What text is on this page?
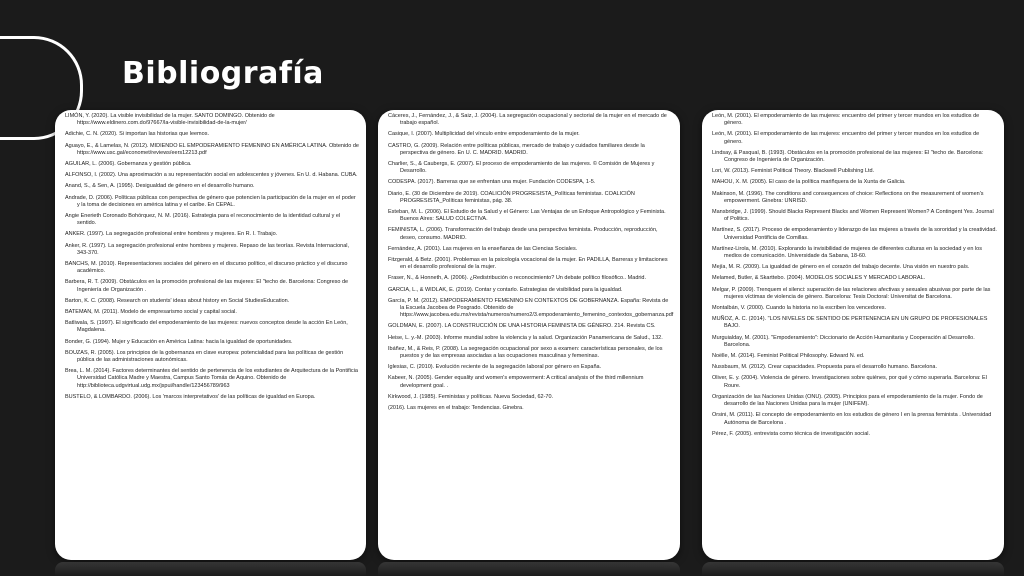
Bibliografía
LIMÓN, Y. (2020). La visible invisibilidad de la mujer. SANTO DOMINGO. Obtenido de https://www.eldinero.com.do/97667/la-visible-invisibilidad-de-la-mujer/
Adichie, C. N. (2020). Si importan las historias que leemos.
Aguayo, E., & Lamelas, N. (2012). MIDIENDO EL EMPODERAMIENTO FEMENINO EN AMÉRICA LATINA. Obtenido de https://www.usc.gal/economet/reviews/eers12213.pdf
AGUILAR, L. (2006). Gobernanza y gestión pública.
ALFONSO, I. (2002). Una aproximación a su representación social en adolescentes y jóvenes. En U. d. Habana. CUBA.
Anand, S., & Sen, A. (1995). Desigualdad de género en el desarrollo humano.
Andrade, D. (2006). Políticas públicas con perspectiva de género que potencien la participación de la mujer en el poder y la toma de decisiones en américa latina y el caribe. En CEPAL.
Angie Enerieth Coronado Bohórquez, N. M. (2016). Estrategia para el reconocimiento de la identidad cultural y el sentido.
ANKER. (1997). La segregación profesional entre hombres y mujeres. En R. I. Trabajo.
Anker, R. (1997). La segregación profesional entre hombres y mujeres. Repaso de las teorías. Revista Internacional, 343-370.
BANCHS, M. (2010). Representaciones sociales del género en el discurso político, el discurso práctico y el discurso académico.
Barbera, R. T. (2009). Obstáculos en la promoción profesional de las mujeres: El "techo de. Barcelona: Congreso de Ingeniería de Organización .
Barton, K. C. (2008). Research on students' ideas about history en Social StudiesEducation.
BATEMAN, M. (2011). Modelo de empresarismo social y capital social.
Batliwala, S. (1997). El significado del empoderamiento de las mujeres: nuevos conceptos desde la acción En León, Magdalena.
Bonder, G. (1994). Mujer y Educación en América Latina: hacia la igualdad de oportunidades.
BOUZAS, R. (2005). Los principios de la gobernanza en clave europea: potencialidad para las políticas de gestión pública de las administraciones autonómicas.
Brea, L. M. (2014). Factores determinantes del sentido de pertenencia de los estudiantes de Arquitectura de la Pontificia Universidad Católica Madre y Maestra, Campus Santo Tomás de Aquino. Obtenido de http://biblioteca.udgvirtual.udg.mx/jspui/handle/123456789/963
BUSTELO, & LOMBARDO. (2006). Los 'marcos interpretativos' de las políticas de igualdad en Europa.
Cáceres, J., Fernández, J., & Saiz, J. (2004). La segregación ocupacional y sectorial de la mujer en el mercado de trabajo español.
Casique, I. (2007). Multiplicidad del vínculo entre empoderamiento de la mujer.
CASTRO, G. (2009). Relación entre políticas públicas, mercado de trabajo y cuidados familiares desde la perspectiva de género. En U. C. MADRID. MADRID.
Charlier, S., & Caubergs, E. (2007). El proceso de empoderamiento de las mujeres. © Comisión de Mujeres y Desarrollo.
CODESPA. (2017). Barreras que se enfrentan una mujer. Fundación CODESPA, 1-5.
Diario, E. (30 de Diciembre de 2019). COALICIÓN PROGRESISTA_Políticas feministas. COALICIÓN PROGRESISTA_Políticas feministas, pág. 38.
Esteban, M. L. (2006). El Estudio de la Salud y el Género: Las Ventajas de un Enfoque Antropológico y Feminista. Buenos Aires: SALUD COLECTIVA.
FEMINISTA, L. (2006). Transformación del trabajo desde una perspectiva feminista. Producción, reproducción, deseo, consumo. MADRID.
Fernández, A. (2001). Las mujeres en la enseñanza de las Ciencias Sociales.
Fitzgerald, & Betz. (2001). Problemas en la psicología vocacional de la mujer. En PADILLA, Barreras y limitaciones en el desarrollo profesional de la mujer.
Fraser, N., & Honneth, A. (2006). ¿Redistribución o reconocimiento? Un debate político filosófico.. Madrid.
GARCIA, L., & WIDLAK, E. (2019). Contar y contarlo. Estrategias de visibilidad para la igualdad.
García, P. M. (2012). EMPODERAMIENTO FEMENINO EN CONTEXTOS DE GOBERNANZA. España: Revista de la Escuela Jacobea de Posgrado. Obtenido de https://www.jacobea.edu.mx/revista/numeros/numero2/3.empoderamiento_femenino_contextos_gobernanza.pdf
GOLDMAN, E. (2007). LA CONSTRUCCIÓN DE UNA HISTORIA FEMINISTA DE GÉNERO. 214. Revista CS.
Heise, L. y.-M. (2003). Informe mundial sobre la violencia y la salud. Organización Panamericana de Salud., 132.
Ibáñez, M., & Reis, P. (2008). La segregación ocupacional por sexo a examen: características personales, de los puestos y de las empresas asociadas a las ocupaciones masculinas y femeninas.
Iglesias, C. (2010). Evolución reciente de la segregación laboral por género en España.
Kabeer, N. (2005). Gender equality and women's empowerment: A critical analysis of the third millennium development goal. .
Kirkwood, J. (1985). Feministas y políticas. Nueva Sociedad, 62-70.
(2016). Las mujeres en el trabajo: Tendencias. Ginebra.
León, M. (2001). El empoderamiento de las mujeres: encuentro del primer y tercer mundos en los estudios de género.
León, M. (2001). El empoderamiento de las mujeres: encuentro del primer y tercer mundos en los estudios de género.
Lindsay, & Pasqual, B. (1993). Obstáculos en la promoción profesional de las mujeres: El "techo de. Barcelona: Congreso de Ingeniería de Organización.
Lori, W. (2013). Feminist Political Theory. Blackwell Publishing Ltd.
MAHOU, X. M. (2005). El caso de la política mariñquera de la Xunta de Galicia.
Makinson, M. (1996). The conditions and consequences of choice: Reflections on the measurement of women's empowerment. Ginebra: UNRISD.
Mansbridge, J. (1999). Should Blacks Represent Blacks and Women Represent Women? A Contingent Yes. Journal of Politics.
Martínez, S. (2017). Proceso de empoderamiento y liderazgo de las mujeres a través de la sororidad y la creatividad. Universidad Pontificia de Comillas.
Martínez-Lirola, M. (2010). Explorando la invisibilidad de mujeres de diferentes culturas en la sociedad y en los medios de comunicación. Universidade da Sabana, 18-60.
Mejía, M. R. (2009). La igualdad de género en el corazón del trabajo decente. Una visión en nuestro país.
Melamed, Butler, & Skarttebo. (2004). MODELOS SOCIALES Y MERCADO LABORAL.
Melgar, P. (2009). Trenquem el silenci: superación de las relaciones afectivas y sexuales abusivas por parte de las mujeres víctimas de violencia de género. Barcelona: Tesis Doctoral: Universitat de Barcelona.
Montalbán, V. (2000). Cuando la historia no la escriben los vencedores.
MUÑOZ, A. C. (2014). "LOS NIVELES DE SENTIDO DE PERTENENCIA EN UN GRUPO DE PROFESIONALES BAJO.
Murguialday, M. (2001). "Empoderamiento": Diccionario de Acción Humanitaria y Cooperación al Desarrollo. Barcelona.
Noëlle, M. (2014). Feminist Political Philosophy. Edward N. ed.
Nussbaum, M. (2012). Crear capacidades. Propuesta para el desarrollo humano. Barcelona.
Oliver, E. y. (2004). Violencia de género. Investigaciones sobre quiénes, por qué y cómo superarla. Barcelona: El Roure.
Organización de las Naciones Unidas (ONU). (2005). Principios para el empoderamiento de la mujer. Fondo de desarrollo de las Naciones Unidas para la mujer (UNIFEM).
Orsini, M. (2011). El concepto de empoderamiento en los estudios de género I en la prensa feminista . Universidad Autónoma de Barcelona .
Pérez, F. (2005). entrevista como técnica de investigación social.
